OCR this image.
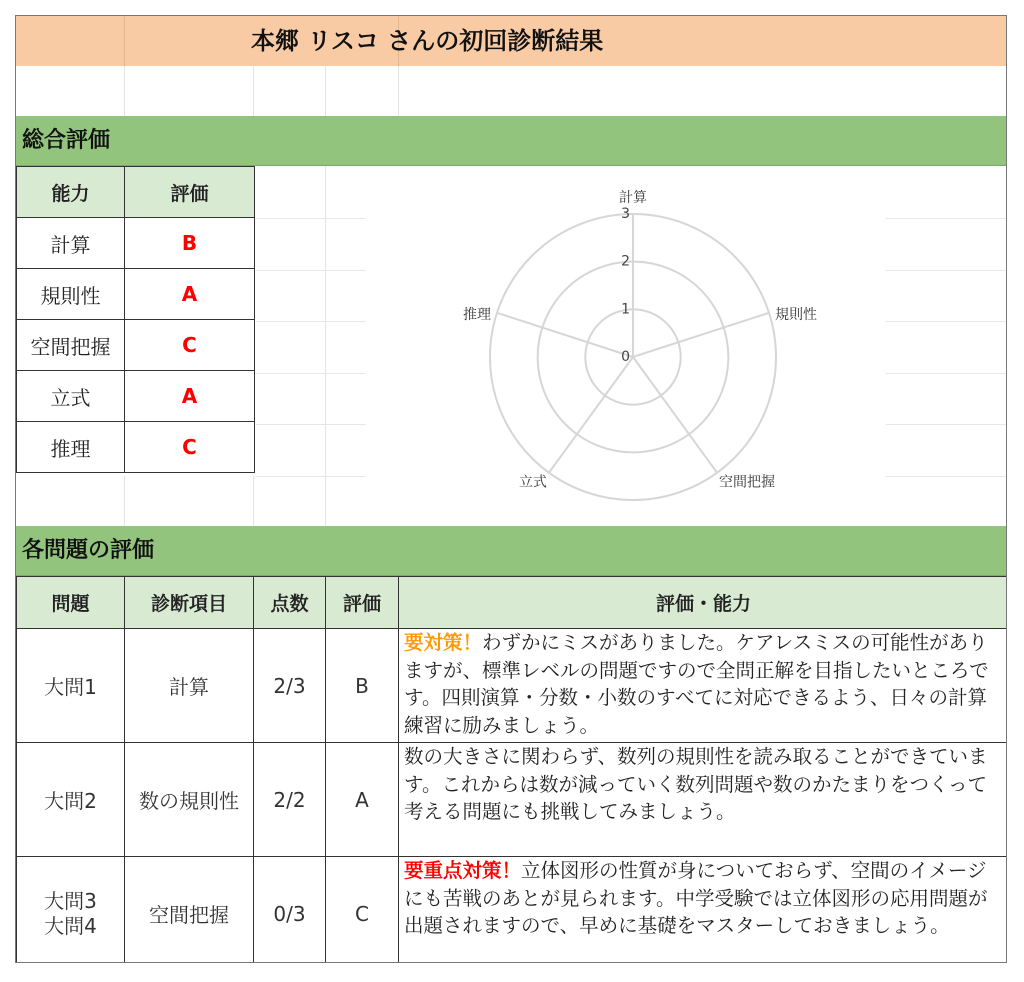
本郷 リスコ さんの初回診断結果
総合評価
能力	評価
計算	B
規則性	A
空間把握	C
立式	A
推理	C
0
1
2
3
計算
規則性
空間把握
立式
推理
各問題の評価
問題	診断項目	点数	評価	評価・能力
大問1	計算	2/3	B	要対策！わずかにミスがありました。ケアレスミスの可能性がありますが、標準レベルの問題ですので全問正解を目指したいところです。四則演算・分数・小数のすべてに対応できるよう、日々の計算練習に励みましょう。

大問2	数の規則性	2/2	A	数の大きさに関わらず、数列の規則性を読み取ることができています。これからは数が減っていく数列問題や数のかたまりをつくって考える問題にも挑戦してみましょう。

大問3
大問4	空間把握	0/3	C	要重点対策！立体図形の性質が身についておらず、空間のイメージにも苦戦のあとが見られます。中学受験では立体図形の応用問題が出題されますので、早めに基礎をマスターしておきましょう。
